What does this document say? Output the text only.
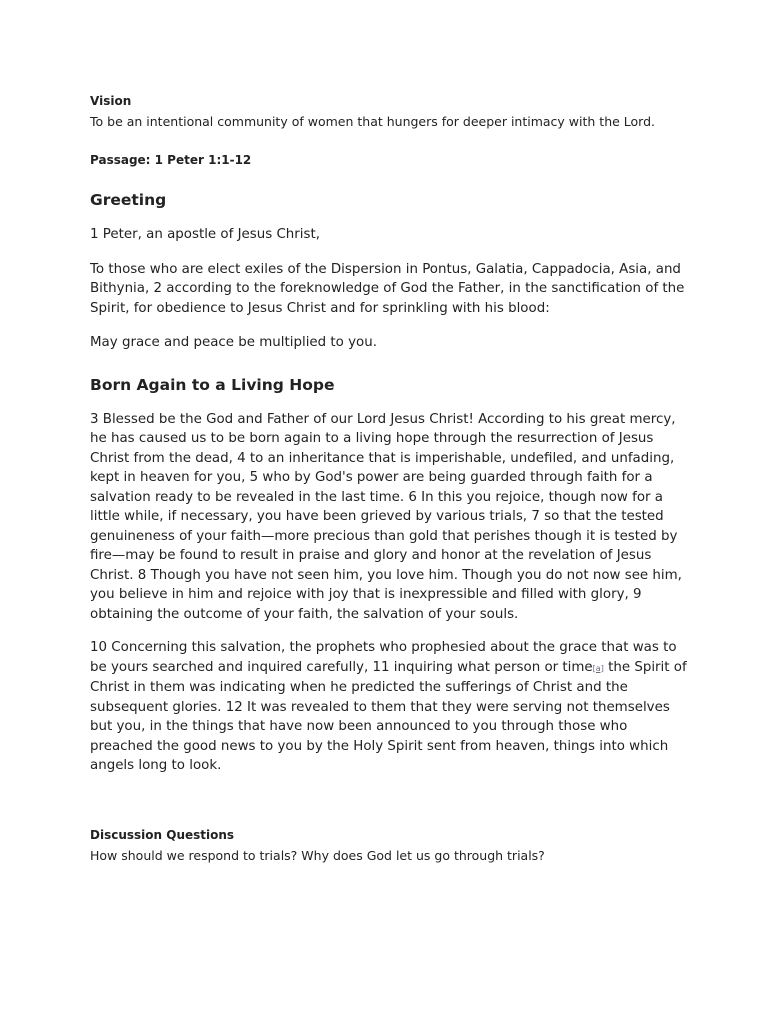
Vision

To be an intentional community of women that hungers for deeper intimacy with the Lord.

Passage: 1 Peter 1:1-12

Greeting

1 Peter, an apostle of Jesus Christ,

To those who are elect exiles of the Dispersion in Pontus, Galatia, Cappadocia, Asia, and Bithynia, 2 according to the foreknowledge of God the Father, in the sanctification of the Spirit, for obedience to Jesus Christ and for sprinkling with his blood:

May grace and peace be multiplied to you.

Born Again to a Living Hope

3 Blessed be the God and Father of our Lord Jesus Christ! According to his great mercy, he has caused us to be born again to a living hope through the resurrection of Jesus Christ from the dead, 4 to an inheritance that is imperishable, undefiled, and unfading, kept in heaven for you, 5 who by God's power are being guarded through faith for a salvation ready to be revealed in the last time. 6 In this you rejoice, though now for a little while, if necessary, you have been grieved by various trials, 7 so that the tested genuineness of your faith—more precious than gold that perishes though it is tested by fire—may be found to result in praise and glory and honor at the revelation of Jesus Christ. 8 Though you have not seen him, you love him. Though you do not now see him, you believe in him and rejoice with joy that is inexpressible and filled with glory, 9 obtaining the outcome of your faith, the salvation of your souls.

10 Concerning this salvation, the prophets who prophesied about the grace that was to be yours searched and inquired carefully, 11 inquiring what person or time[a] the Spirit of Christ in them was indicating when he predicted the sufferings of Christ and the subsequent glories. 12 It was revealed to them that they were serving not themselves but you, in the things that have now been announced to you through those who preached the good news to you by the Holy Spirit sent from heaven, things into which angels long to look.

Discussion Questions

How should we respond to trials? Why does God let us go through trials?
